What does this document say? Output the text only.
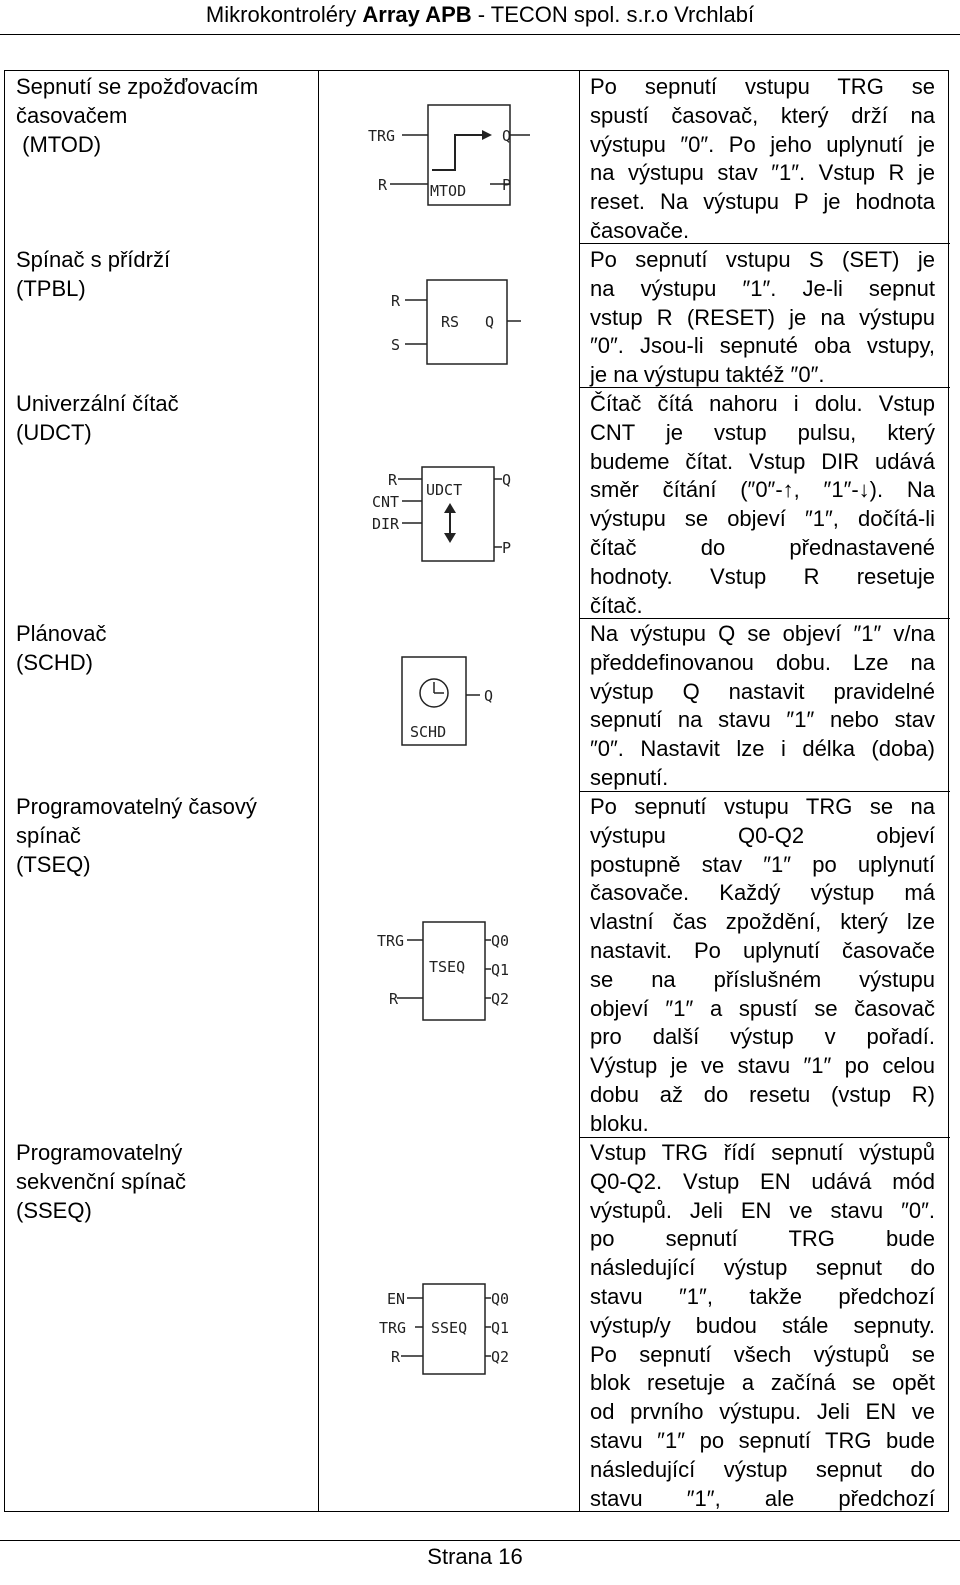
Mikrokontroléry Array APB - TECON spol. s.r.o Vrchlabí
Sepnutí se zpožďovacím
časovačem
(MTOD)
Spínač s přídrží
(TPBL)
Univerzální čítač
(UDCT)
Plánovač
(SCHD)
Programovatelný časový
spínač
(TSEQ)
Programovatelný
sekvenční spínač
(SSEQ)
TRG
R
Q
P
MTOD
R
S
RS Q
R
CNT
DIR
UDCT
Q
P
SCHD
Q
TRG
R
TSEQ
Q0
Q1
Q2
EN
TRG
R
SSEQ
Q0
Q1
Q2
Po sepnutí vstupu TRG se
spustí časovač, který drží na
výstupu ″0″. Po jeho uplynutí je
na výstupu stav ″1″. Vstup R je
reset. Na výstupu P je hodnota
časovače.
Po sepnutí vstupu S (SET) je
na výstupu ″1″. Je-li sepnut
vstup R (RESET) je na výstupu
″0″. Jsou-li sepnuté oba vstupy,
je na výstupu taktéž ″0″.
Čítač čítá nahoru i dolu. Vstup
CNT je vstup pulsu, který
budeme čítat. Vstup DIR udává
směr čítání (″0″-↑, ″1″-↓). Na
výstupu se objeví ″1″, dočítá-li
čítač do přednastavené
hodnoty. Vstup R resetuje
čítač.
Na výstupu Q se objeví ″1″ v/na
předdefinovanou dobu. Lze na
výstup Q nastavit pravidelné
sepnutí na stavu ″1″ nebo stav
″0″. Nastavit lze i délka (doba)
sepnutí.
Po sepnutí vstupu TRG se na
výstupu Q0-Q2 objeví
postupně stav ″1″ po uplynutí
časovače. Každý výstup má
vlastní čas zpoždění, který lze
nastavit. Po uplynutí časovače
se na příslušném výstupu
objeví ″1″ a spustí se časovač
pro další výstup v pořadí.
Výstup je ve stavu ″1″ po celou
dobu až do resetu (vstup R)
bloku.
Vstup TRG řídí sepnutí výstupů
Q0-Q2. Vstup EN udává mód
výstupů. Jeli EN ve stavu ″0″.
po sepnutí TRG bude
následující výstup sepnut do
stavu ″1″, takže předchozí
výstup/y budou stále sepnuty.
Po sepnutí všech výstupů se
blok resetuje a začíná se opět
od prvního výstupu. Jeli EN ve
stavu ″1″ po sepnutí TRG bude
následující výstup sepnut do
stavu ″1″, ale předchozí
Strana 16
